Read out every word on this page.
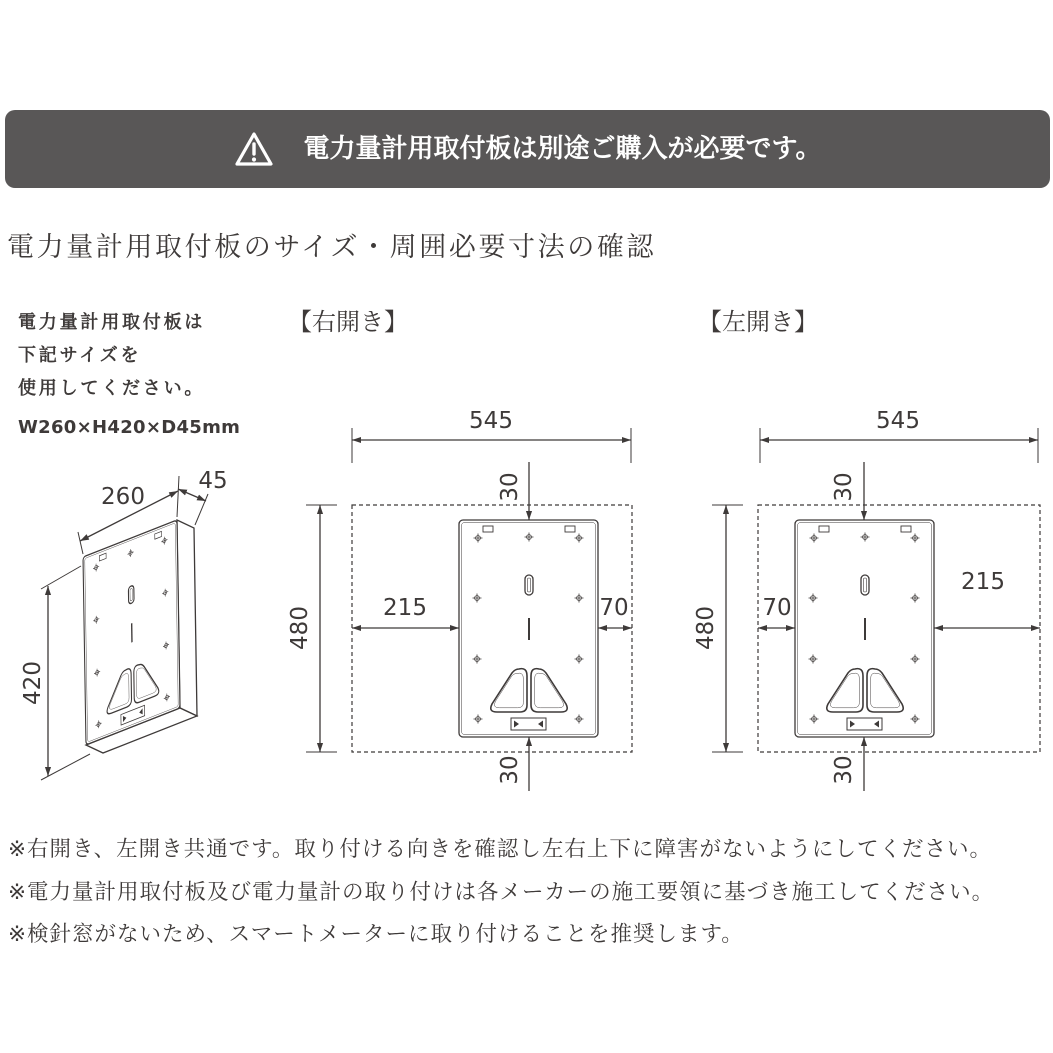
260
45
420
545
30
480	215	70
30
545
30
480 70
215
30
電力量計用取付板は別途ご購入が必要です。
電力量計用取付板のサイズ・周囲必要寸法の確認
電力量計用取付板は
下記サイズを
使用してください。
W260×H420×D45mm
【右開き】	【左開き】
※右開き、左開き共通です。取り付ける向きを確認し左右上下に障害がないようにしてください。
※電力量計用取付板及び電力量計の取り付けは各メーカーの施工要領に基づき施工してください。
※検針窓がないため、スマートメーターに取り付けることを推奨します。
